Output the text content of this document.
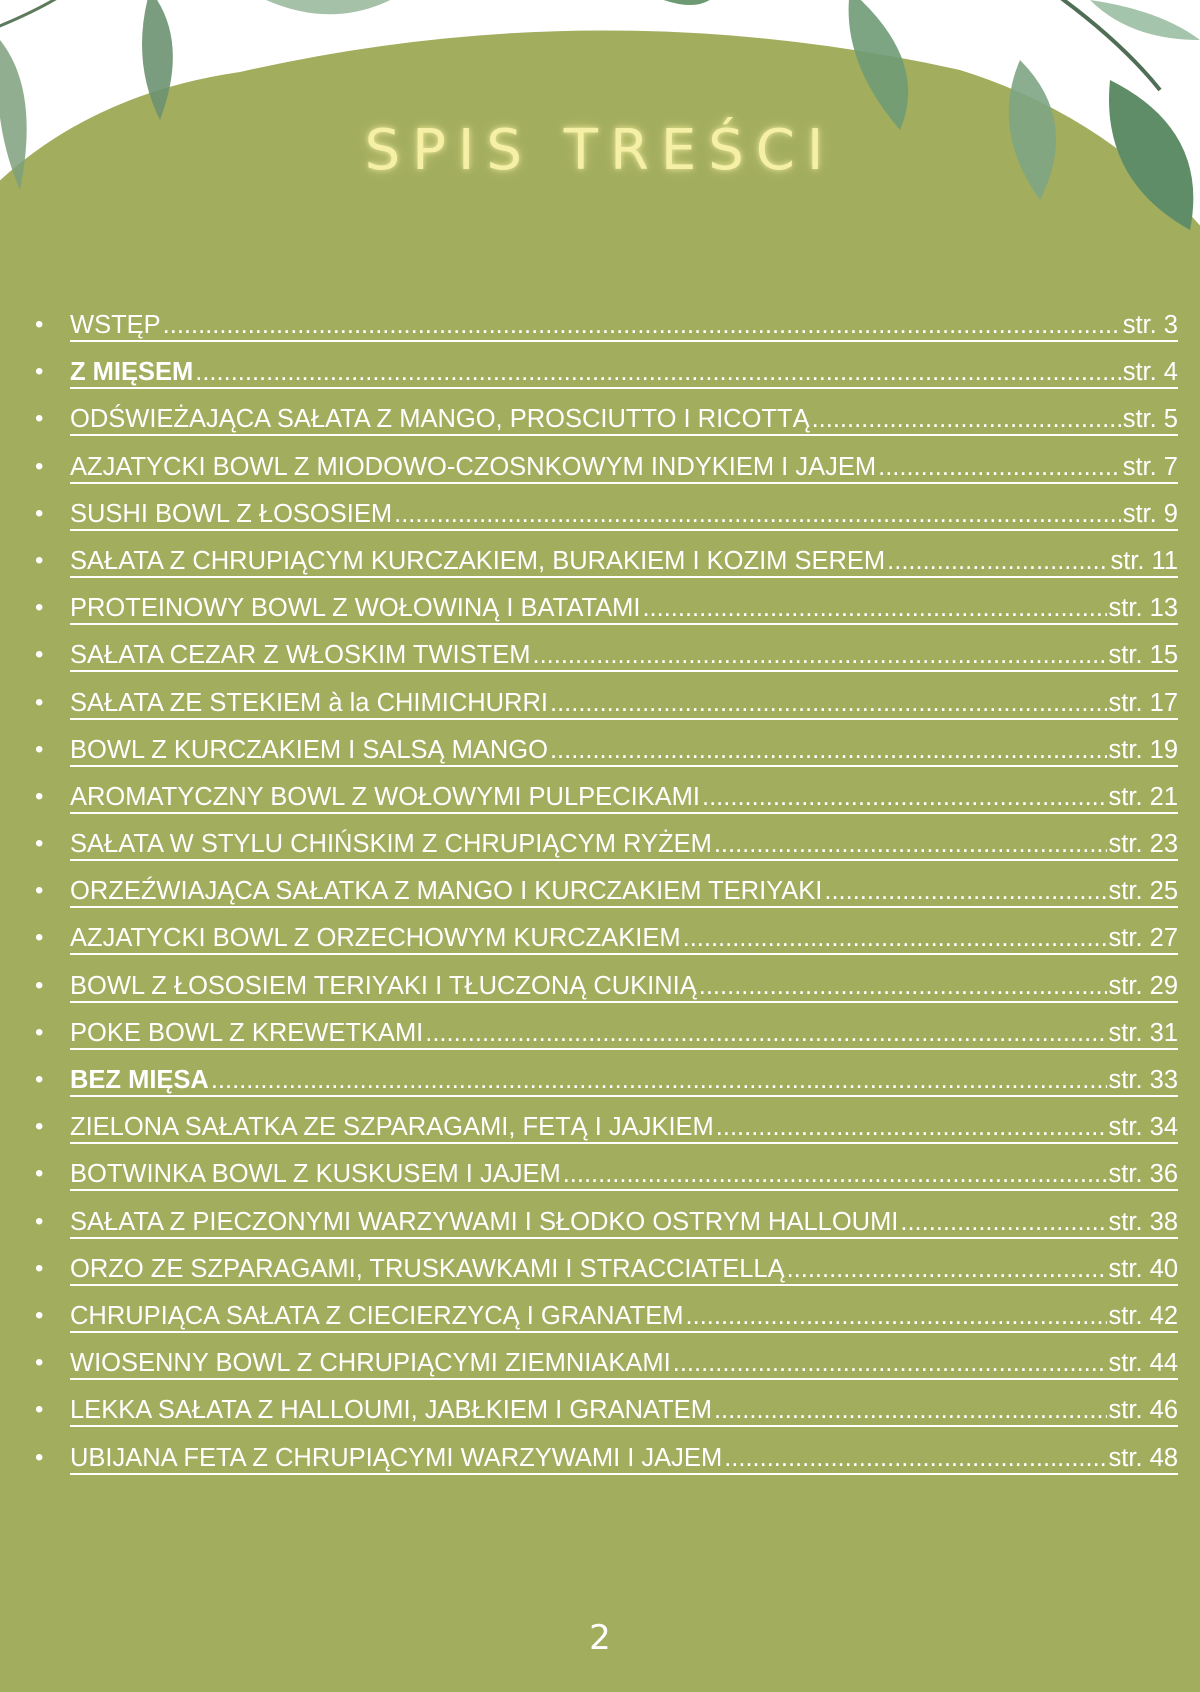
SPIS TREŚCI
•	WSTĘP .....	str. 3
•	Z MIĘSEM .....	str. 4
•	ODŚWIEŻAJĄCA SAŁATA Z MANGO, PROSCIUTTO I RICOTTĄ .....	str. 5
•	AZJATYCKI BOWL Z MIODOWO-CZOSNKOWYM INDYKIEM I JAJEM .....	str. 7
•	SUSHI BOWL Z ŁOSOSIEM .....	str. 9
•	SAŁATA Z CHRUPIĄCYM KURCZAKIEM, BURAKIEM I KOZIM SEREM .....	str. 11
•	PROTEINOWY BOWL Z WOŁOWINĄ I BATATAMI .....	str. 13
•	SAŁATA CEZAR Z WŁOSKIM TWISTEM .....	str. 15
•	SAŁATA ZE STEKIEM à la CHIMICHURRI .....	str. 17
•	BOWL Z KURCZAKIEM I SALSĄ MANGO .....	str. 19
•	AROMATYCZNY BOWL Z WOŁOWYMI PULPECIKAMI .....	str. 21
•	SAŁATA W STYLU CHIŃSKIM Z CHRUPIĄCYM RYŻEM .....	str. 23
•	ORZEŹWIAJĄCA SAŁATKA Z MANGO I KURCZAKIEM TERIYAKI .....	str. 25
•	AZJATYCKI BOWL Z ORZECHOWYM KURCZAKIEM .....	str. 27
•	BOWL Z ŁOSOSIEM TERIYAKI I TŁUCZONĄ CUKINIĄ .....	str. 29
•	POKE BOWL Z KREWETKAMI .....	str. 31
•	BEZ MIĘSA .....	str. 33
•	ZIELONA SAŁATKA ZE SZPARAGAMI, FETĄ I JAJKIEM .....	str. 34
•	BOTWINKA BOWL Z KUSKUSEM I JAJEM .....	str. 36
•	SAŁATA Z PIECZONYMI WARZYWAMI I SŁODKO OSTRYM HALLOUMI .....	str. 38
•	ORZO ZE SZPARAGAMI, TRUSKAWKAMI I STRACCIATELLĄ .....	str. 40
•	CHRUPIĄCA SAŁATA Z CIECIERZYCĄ I GRANATEM .....	str. 42
•	WIOSENNY BOWL Z CHRUPIĄCYMI ZIEMNIAKAMI .....	str. 44
•	LEKKA SAŁATA Z HALLOUMI, JABŁKIEM I GRANATEM .....	str. 46
•	UBIJANA FETA Z CHRUPIĄCYMI WARZYWAMI I JAJEM .....	str. 48
2
